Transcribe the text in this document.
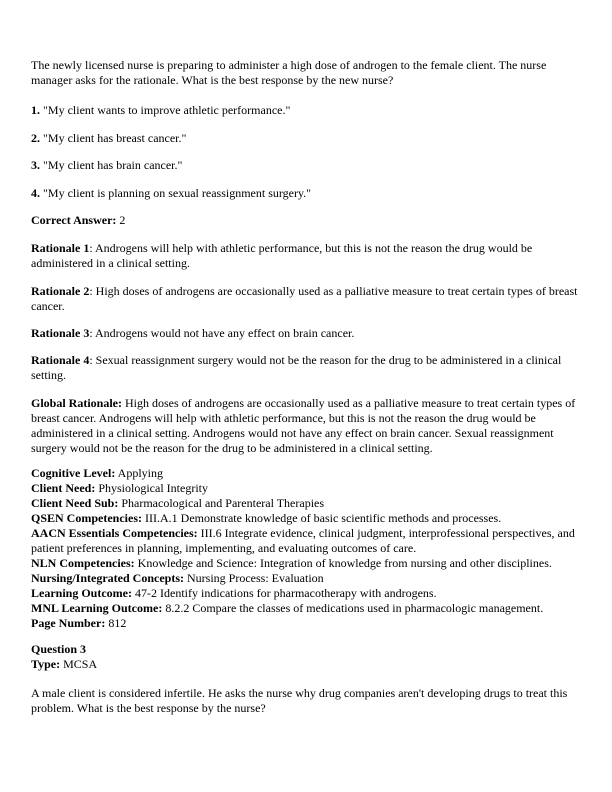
The newly licensed nurse is preparing to administer a high dose of androgen to the female client. The nurse manager asks for the rationale. What is the best response by the new nurse?

1. "My client wants to improve athletic performance."

2. "My client has breast cancer."

3. "My client has brain cancer."

4. "My client is planning on sexual reassignment surgery."

Correct Answer: 2

Rationale 1: Androgens will help with athletic performance, but this is not the reason the drug would be administered in a clinical setting.

Rationale 2: High doses of androgens are occasionally used as a palliative measure to treat certain types of breast cancer.

Rationale 3: Androgens would not have any effect on brain cancer.

Rationale 4: Sexual reassignment surgery would not be the reason for the drug to be administered in a clinical setting.

Global Rationale: High doses of androgens are occasionally used as a palliative measure to treat certain types of breast cancer. Androgens will help with athletic performance, but this is not the reason the drug would be administered in a clinical setting. Androgens would not have any effect on brain cancer. Sexual reassignment surgery would not be the reason for the drug to be administered in a clinical setting.

Cognitive Level: Applying

Client Need: Physiological Integrity

Client Need Sub: Pharmacological and Parenteral Therapies

QSEN Competencies: III.A.1 Demonstrate knowledge of basic scientific methods and processes.

AACN Essentials Competencies: III.6 Integrate evidence, clinical judgment, interprofessional perspectives, and patient preferences in planning, implementing, and evaluating outcomes of care.

NLN Competencies: Knowledge and Science: Integration of knowledge from nursing and other disciplines.

Nursing/Integrated Concepts: Nursing Process: Evaluation

Learning Outcome: 47-2 Identify indications for pharmacotherapy with androgens.

MNL Learning Outcome: 8.2.2 Compare the classes of medications used in pharmacologic management.

Page Number: 812

Question 3

Type: MCSA

A male client is considered infertile. He asks the nurse why drug companies aren't developing drugs to treat this problem. What is the best response by the nurse?
